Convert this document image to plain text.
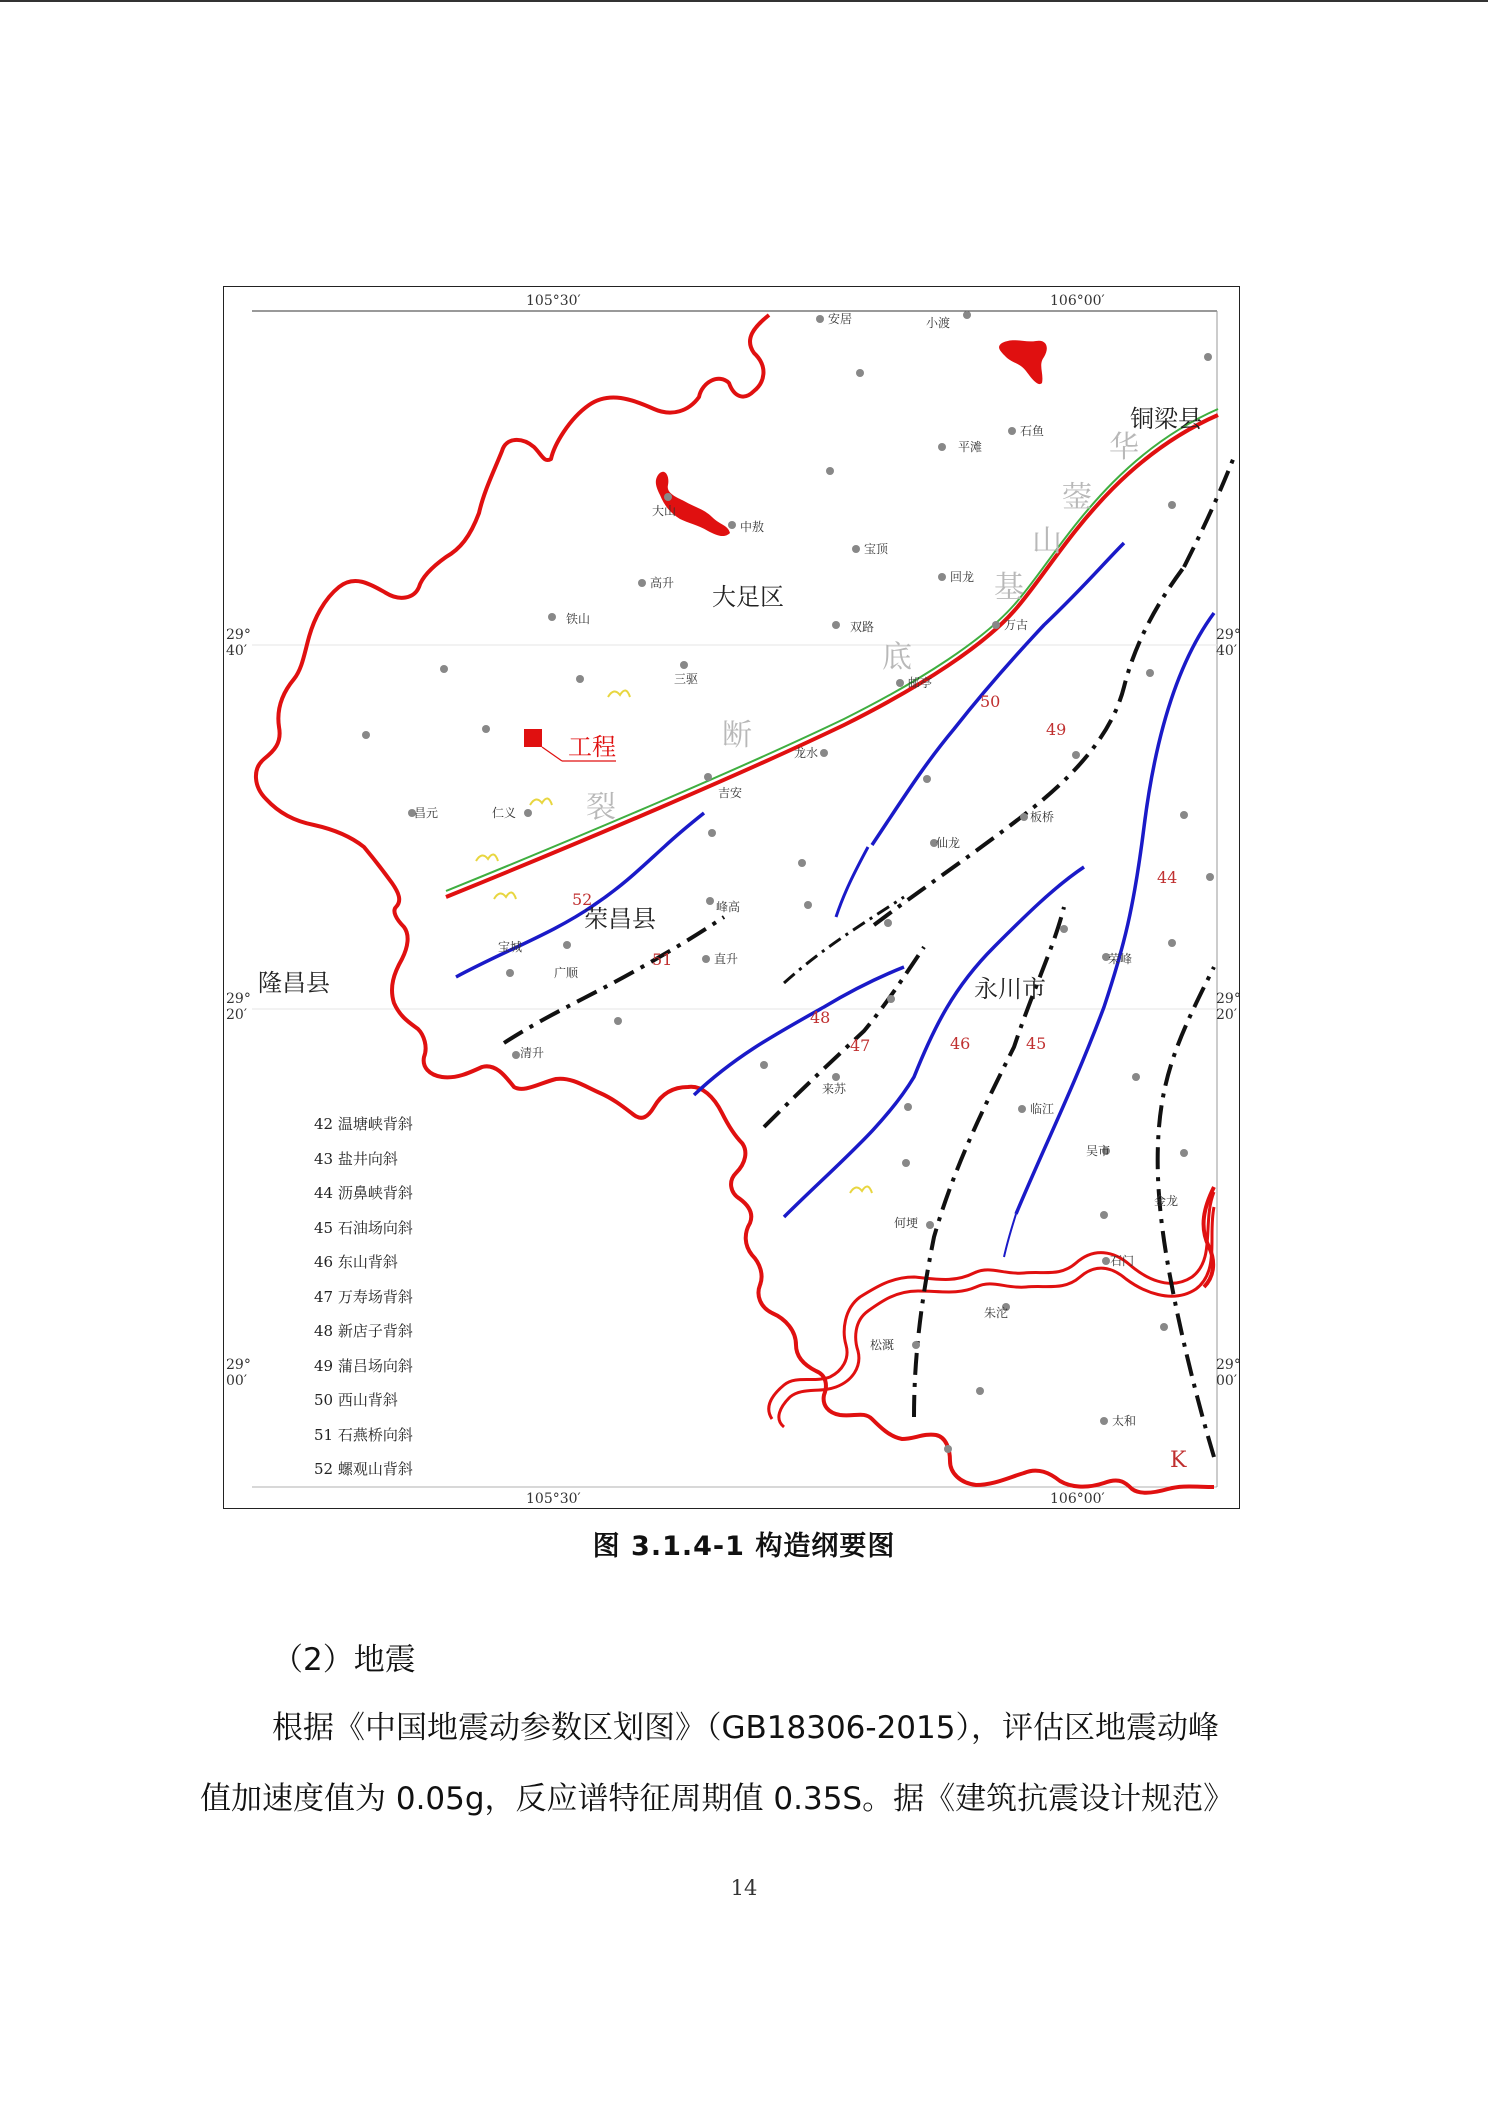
105°30′	106°00′
105°30′	106°00′
29°
40′
29°
40′
29°
20′
29°
20′
29°
00′
29°
00′
华
蓥
山
基
底
断
裂
铜梁县
大足区
荣昌县
永川市
隆昌县
工程
44
45
46
47
48
49
50
51
52
K
安居	小渡
平滩
石鱼
大山
中敖
铁山
高升
宝顶
回龙
龙水
万古
三驱	邮亭
双路
吉安
仁义
昌元
宝城
广顺
清升
峰高
直升
板桥
来苏
仙龙
何埂
朱沱
松溉
临江
吴市
金龙
石门
荣峰
太和
42 温塘峡背斜
43 盐井向斜
44 沥鼻峡背斜
45 石油场向斜
46 东山背斜
47 万寿场背斜
48 新店子背斜
49 蒲吕场向斜
50 西山背斜
51 石燕桥向斜
52 螺观山背斜
图 3.1.4-1 构造纲要图
（2）地震
根据《中国地震动参数区划图》（GB18306-2015），评估区地震动峰
值加速度值为 0.05g，反应谱特征周期值 0.35S。据《建筑抗震设计规范》
14
